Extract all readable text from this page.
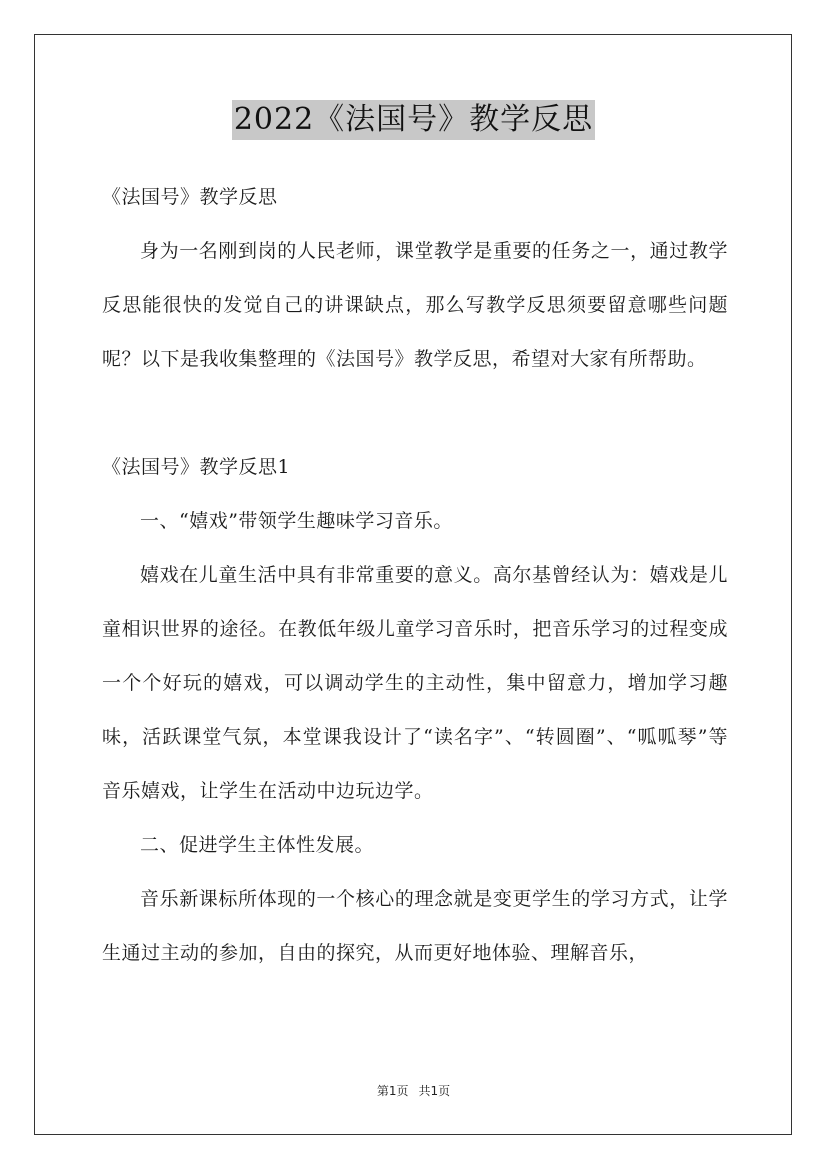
2022《法国号》教学反思

《法国号》教学反思

身为一名刚到岗的人民老师，课堂教学是重要的任务之一，通过教学反思能很快的发觉自己的讲课缺点，那么写教学反思须要留意哪些问题呢？以下是我收集整理的《法国号》教学反思，希望对大家有所帮助。

《法国号》教学反思1

一、“嬉戏”带领学生趣味学习音乐。

嬉戏在儿童生活中具有非常重要的意义。高尔基曾经认为：嬉戏是儿童相识世界的途径。在教低年级儿童学习音乐时，把音乐学习的过程变成一个个好玩的嬉戏，可以调动学生的主动性，集中留意力，增加学习趣味，活跃课堂气氛，本堂课我设计了“读名字”、“转圆圈”、“呱呱琴”等音乐嬉戏，让学生在活动中边玩边学。

二、促进学生主体性发展。

音乐新课标所体现的一个核心的理念就是变更学生的学习方式，让学生通过主动的参加，自由的探究，从而更好地体验、理解音乐，

第1页 共1页
